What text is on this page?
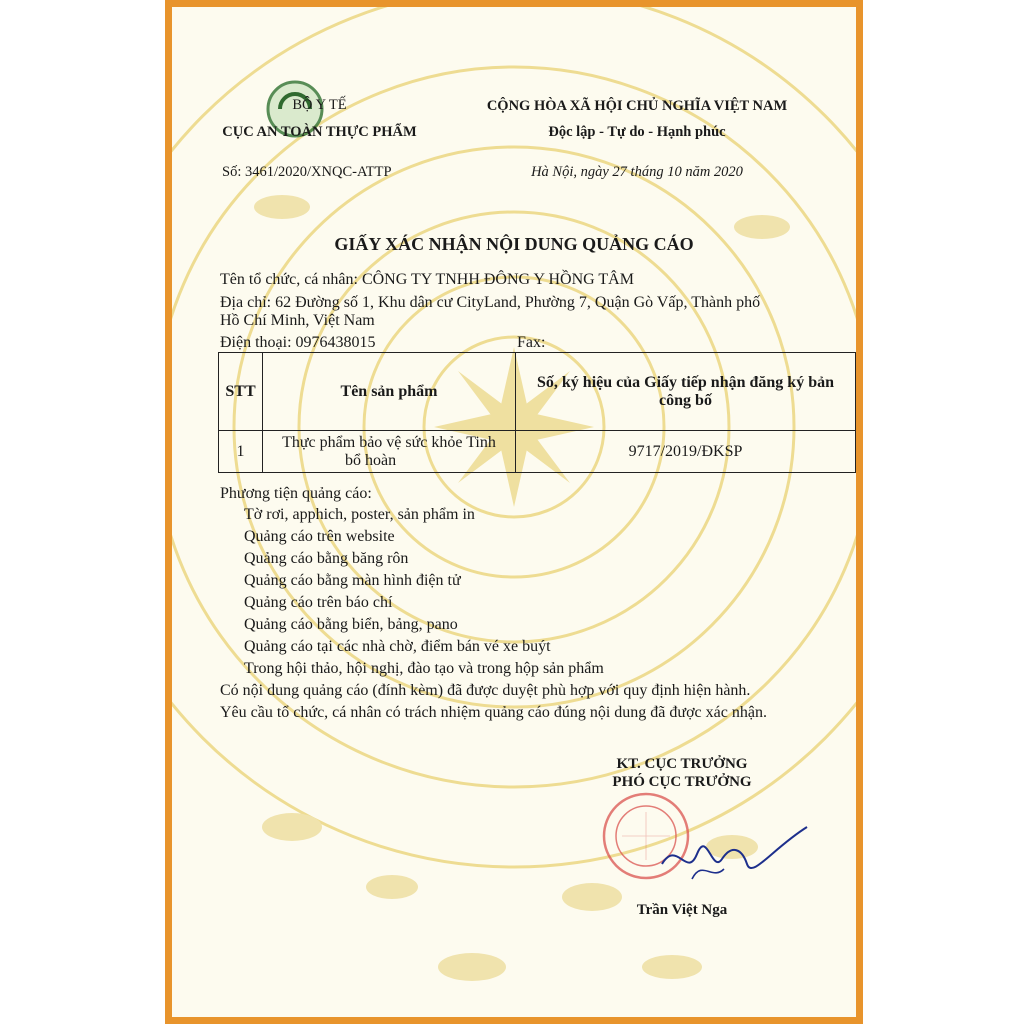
BỘ Y TẾ
CỤC AN TOÀN THỰC PHẨM
Số: 3461/2020/XNQC-ATTP
CỘNG HÒA XÃ HỘI CHỦ NGHĨA VIỆT NAM
Độc lập - Tự do - Hạnh phúc
Hà Nội, ngày 27 tháng 10 năm 2020
GIẤY XÁC NHẬN NỘI DUNG QUẢNG CÁO
Tên tổ chức, cá nhân: CÔNG TY TNHH ĐÔNG Y HỒNG TÂM
Địa chỉ: 62 Đường số 1, Khu dân cư CityLand, Phường 7, Quận Gò Vấp, Thành phố
Hồ Chí Minh, Việt Nam
Điện thoại: 0976438015	Fax:
STT	Tên sản phẩm	Số, ký hiệu của Giấy tiếp nhận đăng ký bản
công bố

1	Thực phẩm bảo vệ sức khỏe Tinh
bổ hoàn	9717/2019/ĐKSP
Phương tiện quảng cáo:
Tờ rơi, apphich, poster, sản phẩm in
Quảng cáo trên website
Quảng cáo bằng băng rôn
Quảng cáo bằng màn hình điện tử
Quảng cáo trên báo chí
Quảng cáo bằng biển, bảng, pano
Quảng cáo tại các nhà chờ, điểm bán vé xe buýt
Trong hội thảo, hội nghị, đào tạo và trong hộp sản phẩm
Có nội dung quảng cáo (đính kèm) đã được duyệt phù hợp với quy định hiện hành.
Yêu cầu tổ chức, cá nhân có trách nhiệm quảng cáo đúng nội dung đã được xác nhận.
KT. CỤC TRƯỞNG
PHÓ CỤC TRƯỞNG
Trần Việt Nga
